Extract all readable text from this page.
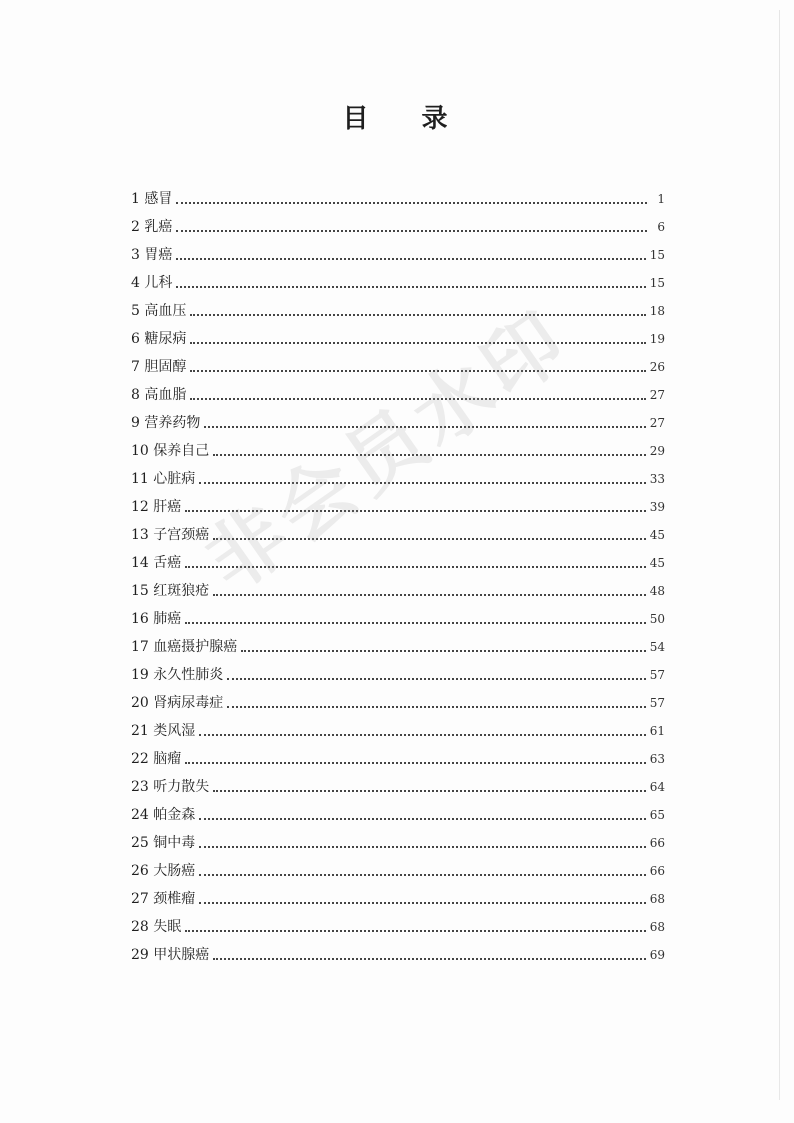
目 录
1 感冒	1
2 乳癌	6
3 胃癌	15
4 儿科	15
5 高血压	18
6 糖尿病	19
7 胆固醇	26
8 高血脂	27
9 营养药物	27
10 保养自己	29
11 心脏病	33
12 肝癌	39
13 子宫颈癌	45
14 舌癌	45
15 红斑狼疮	48
16 肺癌	50
17 血癌摄护腺癌	54
19 永久性肺炎	57
20 肾病尿毒症	57
21 类风湿	61
22 脑瘤	63
23 听力散失	64
24 帕金森	65
25 铜中毒	66
26 大肠癌	66
27 颈椎瘤	68
28 失眠	68
29 甲状腺癌	69
非会员水印
